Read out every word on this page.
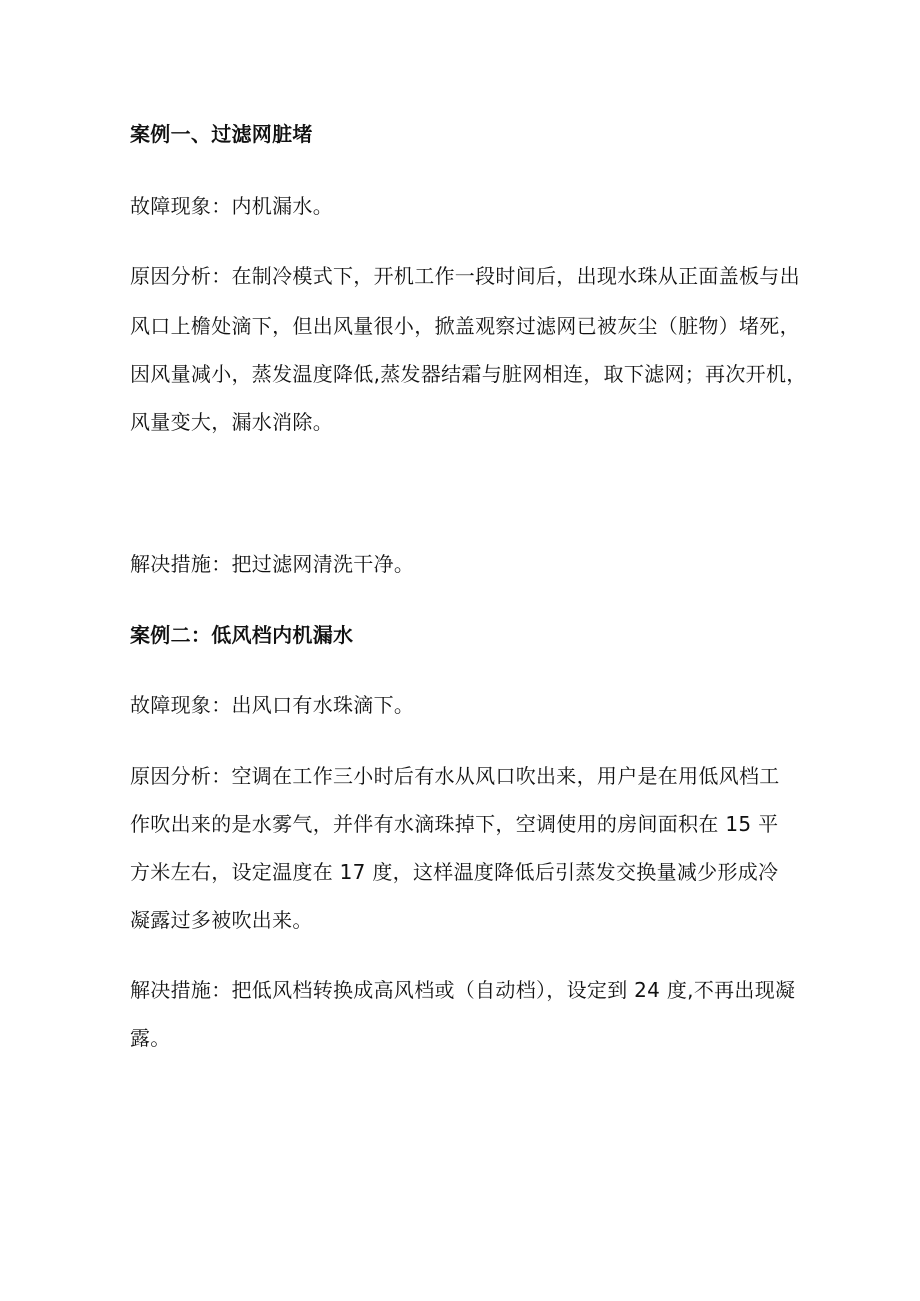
案例一、过滤网脏堵
故障现象：内机漏水。
原因分析：在制冷模式下，开机工作一段时间后，出现水珠从正面盖板与出
风口上檐处滴下，但出风量很小，掀盖观察过滤网已被灰尘（脏物）堵死，
因风量减小，蒸发温度降低,蒸发器结霜与脏网相连，取下滤网；再次开机，
风量变大，漏水消除。
解决措施：把过滤网清洗干净。
案例二：低风档内机漏水
故障现象：出风口有水珠滴下。
原因分析：空调在工作三小时后有水从风口吹出来，用户是在用低风档工
作吹出来的是水雾气，并伴有水滴珠掉下，空调使用的房间面积在 15 平
方米左右，设定温度在 17 度，这样温度降低后引蒸发交换量减少形成冷
凝露过多被吹出来。
解决措施：把低风档转换成高风档或（自动档），设定到 24 度,不再出现凝
露。
